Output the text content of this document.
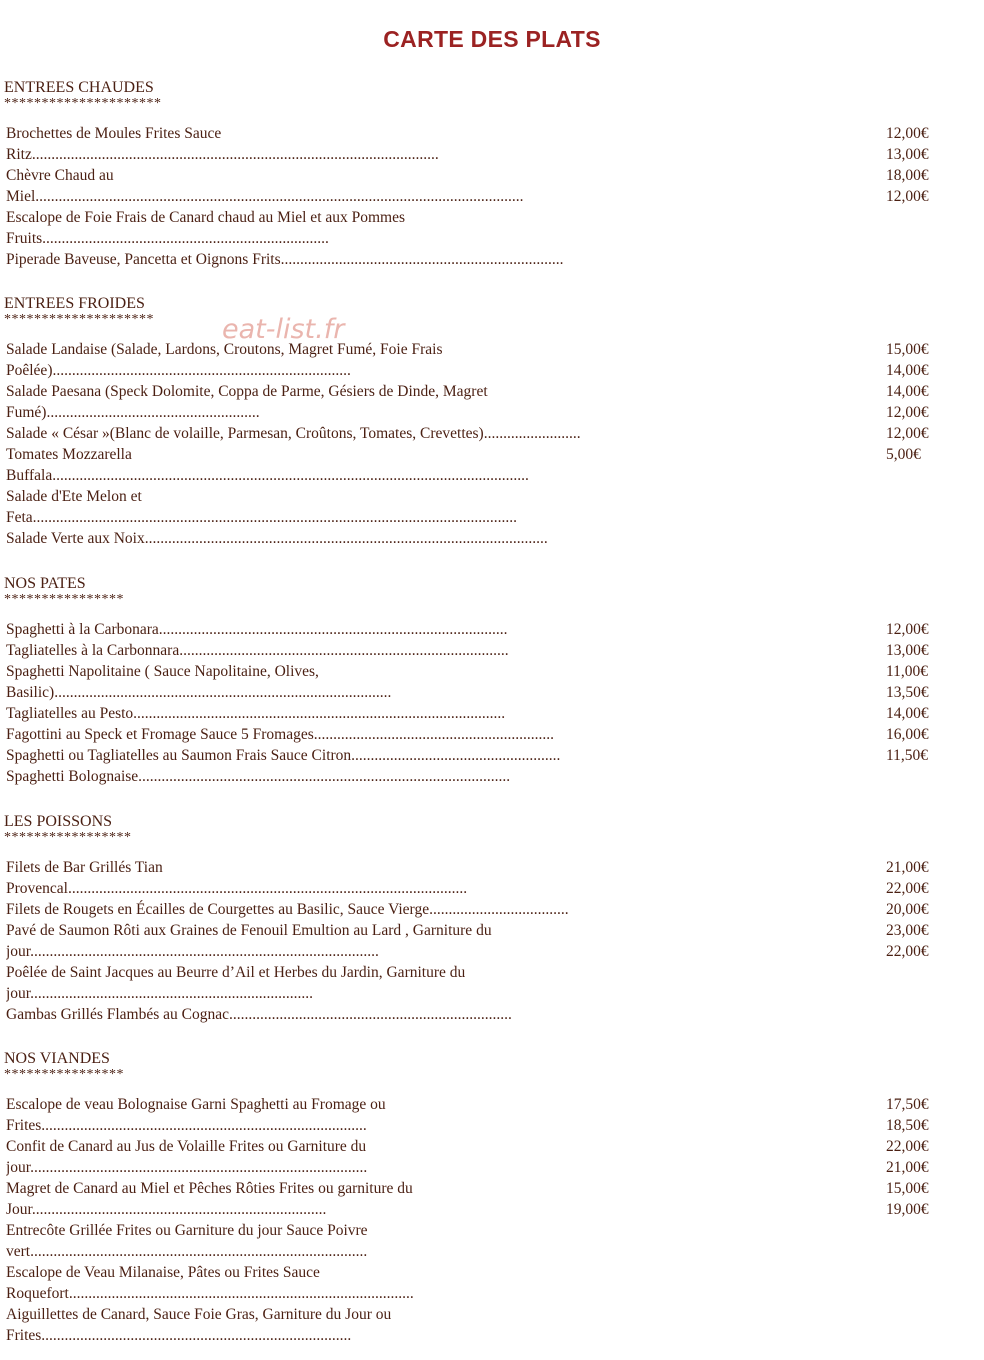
CARTE DES PLATS
eat-list.fr
ENTREES CHAUDES
*********************
Brochettes de Moules Frites Sauce
Ritz.........................................................................................................
Chèvre Chaud au
Miel..............................................................................................................................
Escalope de Foie Frais de Canard chaud au Miel et aux Pommes
Fruits..........................................................................
Piperade Baveuse, Pancetta et Oignons Frits.........................................................................
12,00€
13,00€
18,00€
12,00€
ENTREES FROIDES
********************
Salade Landaise (Salade, Lardons, Croutons, Magret Fumé, Foie Frais
Poêlée).............................................................................
Salade Paesana (Speck Dolomite, Coppa de Parme, Gésiers de Dinde, Magret
Fumé).......................................................
Salade « César »(Blanc de volaille, Parmesan, Croûtons, Tomates, Crevettes).........................
Tomates Mozzarella
Buffala...........................................................................................................................
Salade d'Ete Melon et
Feta.............................................................................................................................
Salade Verte aux Noix........................................................................................................
15,00€
14,00€
14,00€
12,00€
12,00€
5,00€
NOS PATES
****************
Spaghetti à la Carbonara..........................................................................................
Tagliatelles à la Carbonnara.....................................................................................
Spaghetti Napolitaine ( Sauce Napolitaine, Olives,
Basilic).......................................................................................
Tagliatelles au Pesto................................................................................................
Fagottini au Speck et Fromage Sauce 5 Fromages..............................................................
Spaghetti ou Tagliatelles au Saumon Frais Sauce Citron......................................................
Spaghetti Bolognaise................................................................................................
12,00€
13,00€
11,00€
13,50€
14,00€
16,00€
11,50€
LES POISSONS
*****************
Filets de Bar Grillés Tian
Provencal.......................................................................................................
Filets de Rougets en Écailles de Courgettes au Basilic, Sauce Vierge....................................
Pavé de Saumon Rôti aux Graines de Fenouil Emultion au Lard , Garniture du
jour..........................................................................................
Poêlée de Saint Jacques au Beurre d’Ail et Herbes du Jardin, Garniture du
jour.........................................................................
Gambas Grillés Flambés au Cognac.........................................................................
21,00€
22,00€
20,00€
23,00€
22,00€
NOS VIANDES
****************
Escalope de veau Bolognaise Garni Spaghetti au Fromage ou
Frites....................................................................................
Confit de Canard au Jus de Volaille Frites ou Garniture du
jour.......................................................................................
Magret de Canard au Miel et Pêches Rôties Frites ou garniture du
Jour............................................................................
Entrecôte Grillée Frites ou Garniture du jour Sauce Poivre
vert.......................................................................................
Escalope de Veau Milanaise, Pâtes ou Frites Sauce
Roquefort.........................................................................................
Aiguillettes de Canard, Sauce Foie Gras, Garniture du Jour ou
Frites................................................................................
17,50€
18,50€
22,00€
21,00€
15,00€
19,00€
